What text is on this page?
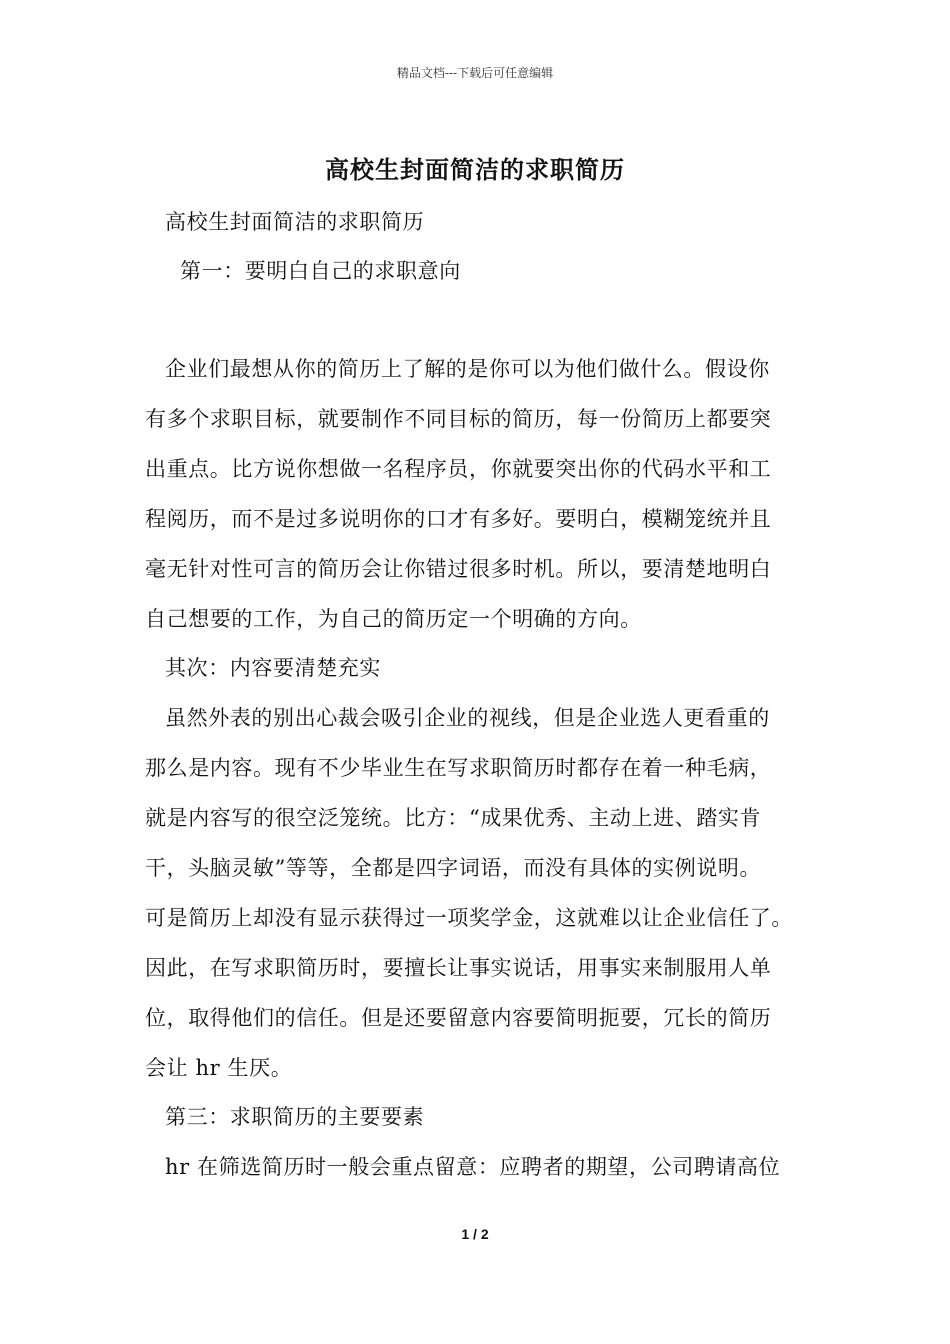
精品文档---下载后可任意编辑
高校生封面简洁的求职简历
高校生封面简洁的求职简历
第一：要明白自己的求职意向
企业们最想从你的简历上了解的是你可以为他们做什么。假设你
有多个求职目标，就要制作不同目标的简历，每一份简历上都要突
出重点。比方说你想做一名程序员，你就要突出你的代码水平和工
程阅历，而不是过多说明你的口才有多好。要明白，模糊笼统并且
毫无针对性可言的简历会让你错过很多时机。所以，要清楚地明白
自己想要的工作，为自己的简历定一个明确的方向。
其次：内容要清楚充实
虽然外表的别出心裁会吸引企业的视线，但是企业选人更看重的
那么是内容。现有不少毕业生在写求职简历时都存在着一种毛病，
就是内容写的很空泛笼统。比方：“成果优秀、主动上进、踏实肯
干，头脑灵敏”等等，全都是四字词语，而没有具体的实例说明。
可是简历上却没有显示获得过一项奖学金，这就难以让企业信任了。
因此，在写求职简历时，要擅长让事实说话，用事实来制服用人单
位，取得他们的信任。但是还要留意内容要简明扼要，冗长的简历
会让 hr 生厌。
第三：求职简历的主要要素
hr 在筛选简历时一般会重点留意：应聘者的期望，公司聘请高位
1 / 2
